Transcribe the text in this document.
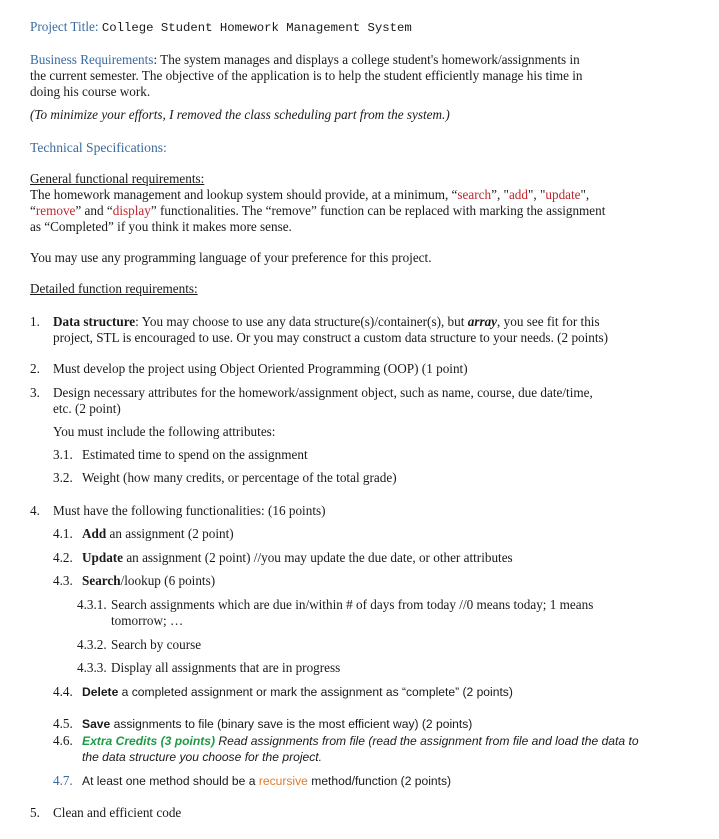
Project Title: College Student Homework Management System
Business Requirements: The system manages and displays a college student's homework/assignments in
the current semester. The objective of the application is to help the student efficiently manage his time in
doing his course work.
(To minimize your efforts, I removed the class scheduling part from the system.)
Technical Specifications:
General functional requirements:
The homework management and lookup system should provide, at a minimum, “search”, "add", "update",
“remove” and “display” functionalities. The “remove” function can be replaced with marking the assignment
as “Completed” if you think it makes more sense.
You may use any programming language of your preference for this project.
Detailed function requirements:
1. Data structure: You may choose to use any data structure(s)/container(s), but array, you see fit for this
project, STL is encouraged to use. Or you may construct a custom data structure to your needs. (2 points)
2. Must develop the project using Object Oriented Programming (OOP) (1 point)
3. Design necessary attributes for the homework/assignment object, such as name, course, due date/time,
etc. (2 point)
You must include the following attributes:
3.1. Estimated time to spend on the assignment
3.2. Weight (how many credits, or percentage of the total grade)
4. Must have the following functionalities: (16 points)
4.1. Add an assignment (2 point)
4.2. Update an assignment (2 point) //you may update the due date, or other attributes
4.3. Search/lookup (6 points)
4.3.1. Search assignments which are due in/within # of days from today //0 means today; 1 means
tomorrow; …
4.3.2. Search by course
4.3.3. Display all assignments that are in progress
4.4. Delete a completed assignment or mark the assignment as “complete” (2 points)
4.5. Save assignments to file (binary save is the most efficient way) (2 points)
4.6. Extra Credits (3 points) Read assignments from file (read the assignment from file and load the data to
the data structure you choose for the project.
4.7. At least one method should be a recursive method/function (2 points)
5. Clean and efficient code
